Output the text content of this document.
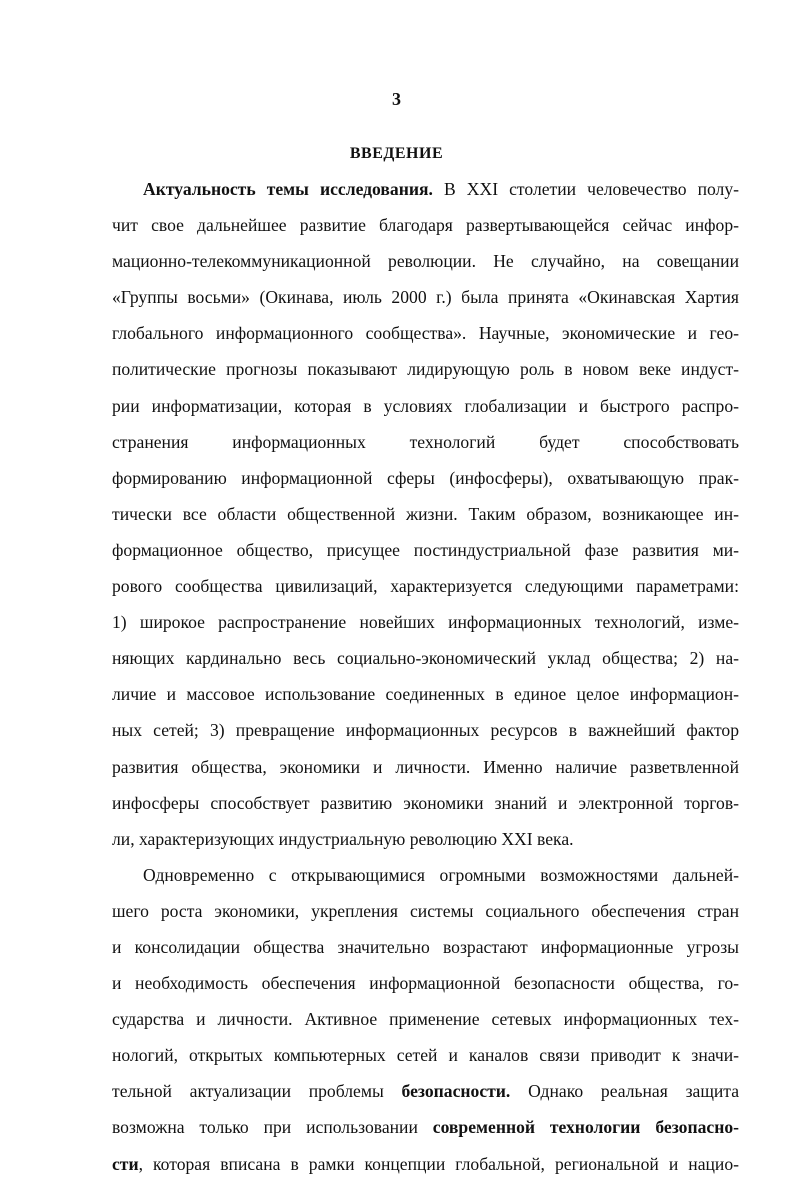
3
ВВЕДЕНИЕ
Актуальность темы исследования. В XXI столетии человечество полу-
чит свое дальнейшее развитие благодаря развертывающейся сейчас инфор-
мационно-телекоммуникационной революции. Не случайно, на совещании
«Группы восьми» (Окинава, июль 2000 г.) была принята «Окинавская Хартия
глобального информационного сообщества». Научные, экономические и гео-
политические прогнозы показывают лидирующую роль в новом веке индуст-
рии информатизации, которая в условиях глобализации и быстрого распро-
странения информационных технологий будет способствовать
формированию информационной сферы (инфосферы), охватывающую прак-
тически все области общественной жизни. Таким образом, возникающее ин-
формационное общество, присущее постиндустриальной фазе развития ми-
рового сообщества цивилизаций, характеризуется следующими параметрами:
1) широкое распространение новейших информационных технологий, изме-
няющих кардинально весь социально-экономический уклад общества; 2) на-
личие и массовое использование соединенных в единое целое информацион-
ных сетей; 3) превращение информационных ресурсов в важнейший фактор
развития общества, экономики и личности. Именно наличие разветвленной
инфосферы способствует развитию экономики знаний и электронной торгов-
ли, характеризующих индустриальную революцию XXI века.
Одновременно с открывающимися огромными возможностями дальней-
шего роста экономики, укрепления системы социального обеспечения стран
и консолидации общества значительно возрастают информационные угрозы
и необходимость обеспечения информационной безопасности общества, го-
сударства и личности. Активное применение сетевых информационных тех-
нологий, открытых компьютерных сетей и каналов связи приводит к значи-
тельной актуализации проблемы безопасности. Однако реальная защита
возможна только при использовании современной технологии безопасно-
сти, которая вписана в рамки концепции глобальной, региональной и нацио-
